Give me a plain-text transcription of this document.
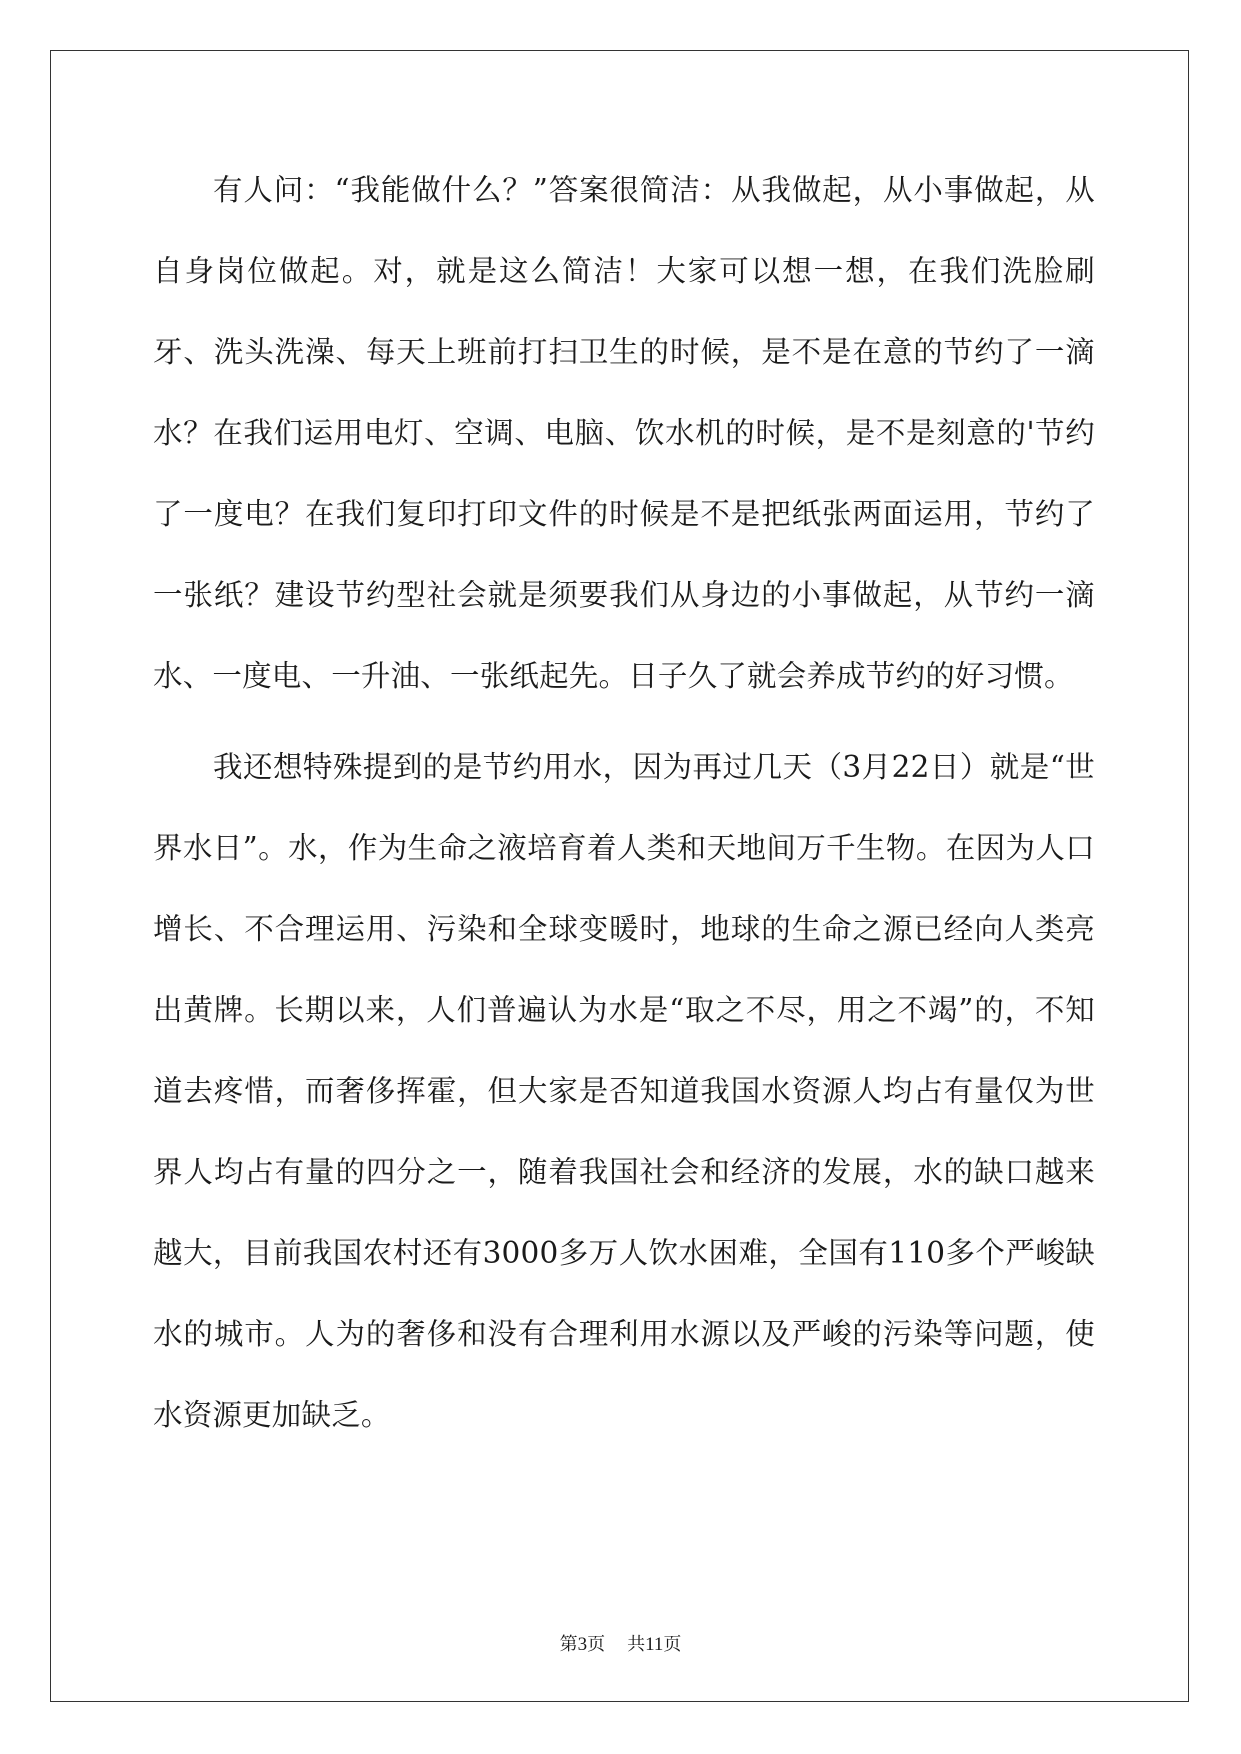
有人问：“我能做什么？”答案很简洁：从我做起，从小事做起，从自身岗位做起。对，就是这么简洁！大家可以想一想，在我们洗脸刷牙、洗头洗澡、每天上班前打扫卫生的时候，是不是在意的节约了一滴水？在我们运用电灯、空调、电脑、饮水机的时候，是不是刻意的'节约了一度电？在我们复印打印文件的时候是不是把纸张两面运用，节约了一张纸？建设节约型社会就是须要我们从身边的小事做起，从节约一滴水、一度电、一升油、一张纸起先。日子久了就会养成节约的好习惯。

我还想特殊提到的是节约用水，因为再过几天（3月22日）就是“世界水日”。水，作为生命之液培育着人类和天地间万千生物。在因为人口增长、不合理运用、污染和全球变暖时，地球的生命之源已经向人类亮出黄牌。长期以来，人们普遍认为水是“取之不尽，用之不竭”的，不知道去疼惜，而奢侈挥霍，但大家是否知道我国水资源人均占有量仅为世界人均占有量的四分之一，随着我国社会和经济的发展，水的缺口越来越大，目前我国农村还有3000多万人饮水困难，全国有110多个严峻缺水的城市。人为的奢侈和没有合理利用水源以及严峻的污染等问题，使水资源更加缺乏。

第3页 共11页
